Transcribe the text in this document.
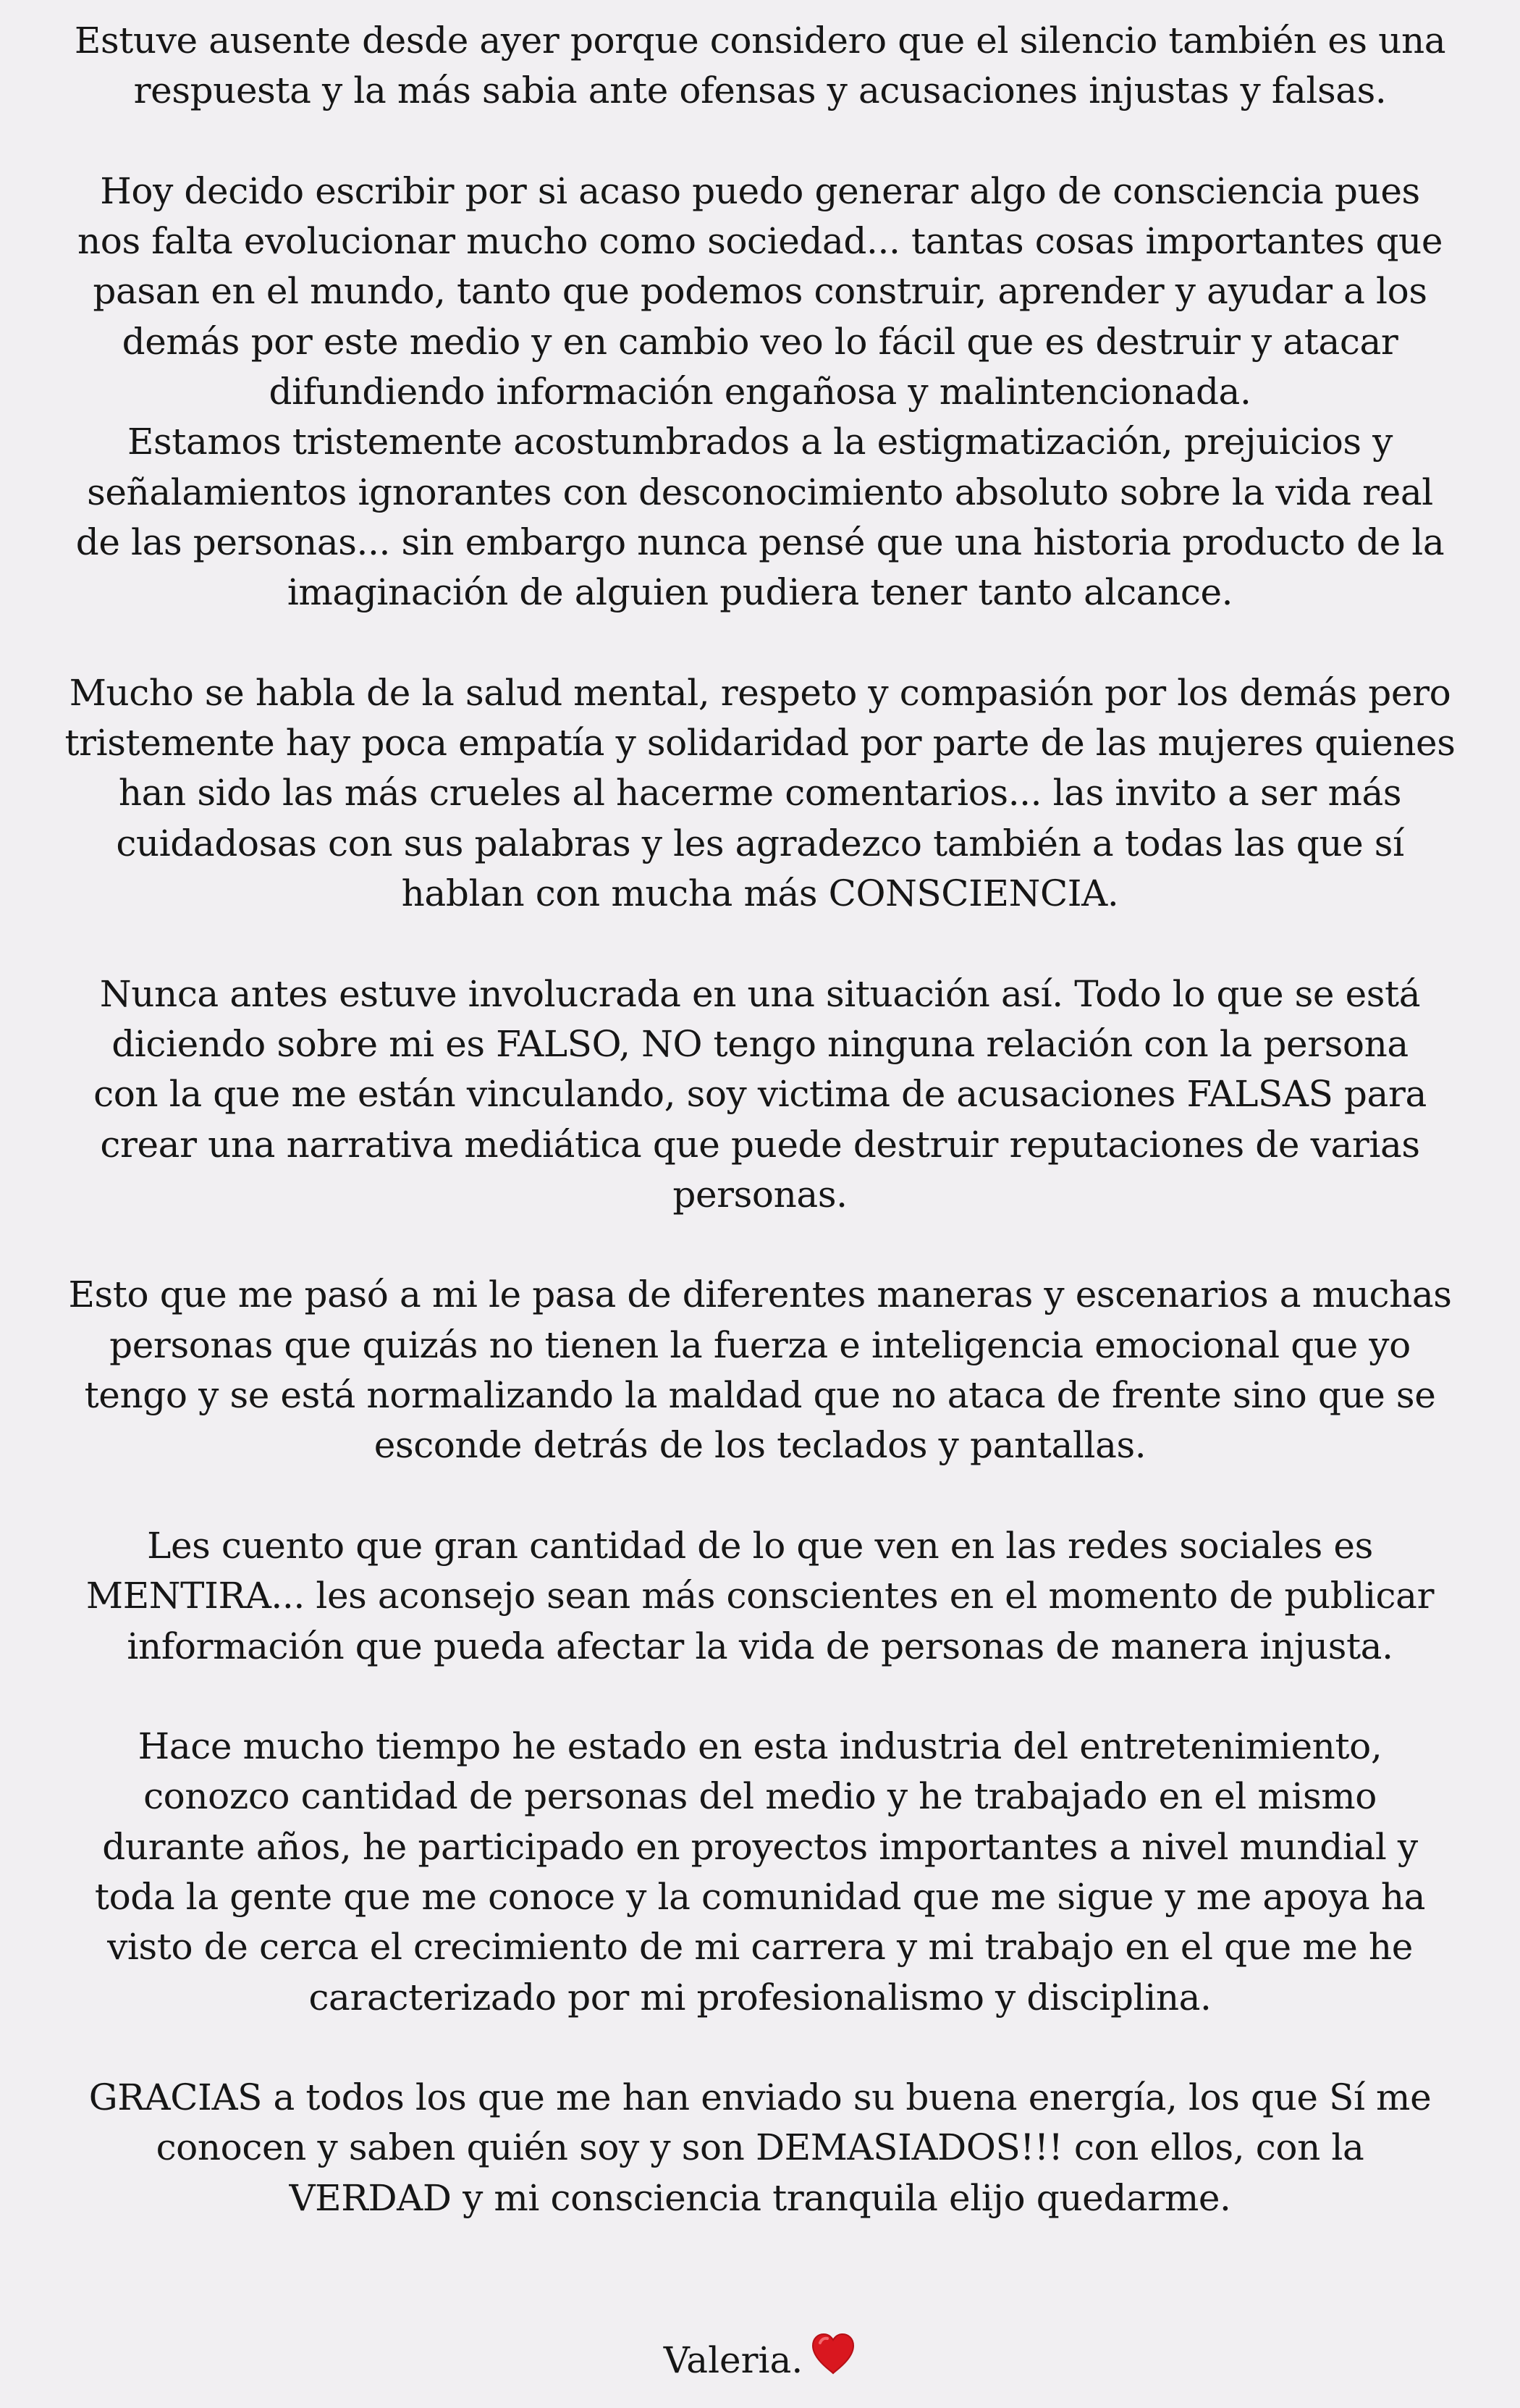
Estuve ausente desde ayer porque considero que el silencio también es una
respuesta y la más sabia ante ofensas y acusaciones injustas y falsas.
Hoy decido escribir por si acaso puedo generar algo de consciencia pues
nos falta evolucionar mucho como sociedad... tantas cosas importantes que
pasan en el mundo, tanto que podemos construir, aprender y ayudar a los
demás por este medio y en cambio veo lo fácil que es destruir y atacar
difundiendo información engañosa y malintencionada.
Estamos tristemente acostumbrados a la estigmatización, prejuicios y
señalamientos ignorantes con desconocimiento absoluto sobre la vida real
de las personas... sin embargo nunca pensé que una historia producto de la
imaginación de alguien pudiera tener tanto alcance.
Mucho se habla de la salud mental, respeto y compasión por los demás pero
tristemente hay poca empatía y solidaridad por parte de las mujeres quienes
han sido las más crueles al hacerme comentarios... las invito a ser más
cuidadosas con sus palabras y les agradezco también a todas las que sí
hablan con mucha más CONSCIENCIA.
Nunca antes estuve involucrada en una situación así. Todo lo que se está
diciendo sobre mi es FALSO, NO tengo ninguna relación con la persona
con la que me están vinculando, soy victima de acusaciones FALSAS para
crear una narrativa mediática que puede destruir reputaciones de varias
personas.
Esto que me pasó a mi le pasa de diferentes maneras y escenarios a muchas
personas que quizás no tienen la fuerza e inteligencia emocional que yo
tengo y se está normalizando la maldad que no ataca de frente sino que se
esconde detrás de los teclados y pantallas.
Les cuento que gran cantidad de lo que ven en las redes sociales es
MENTIRA... les aconsejo sean más conscientes en el momento de publicar
información que pueda afectar la vida de personas de manera injusta.
Hace mucho tiempo he estado en esta industria del entretenimiento,
conozco cantidad de personas del medio y he trabajado en el mismo
durante años, he participado en proyectos importantes a nivel mundial y
toda la gente que me conoce y la comunidad que me sigue y me apoya ha
visto de cerca el crecimiento de mi carrera y mi trabajo en el que me he
caracterizado por mi profesionalismo y disciplina.
GRACIAS a todos los que me han enviado su buena energía, los que Sí me
conocen y saben quién soy y son DEMASIADOS!!! con ellos, con la
VERDAD y mi consciencia tranquila elijo quedarme.
Valeria.
